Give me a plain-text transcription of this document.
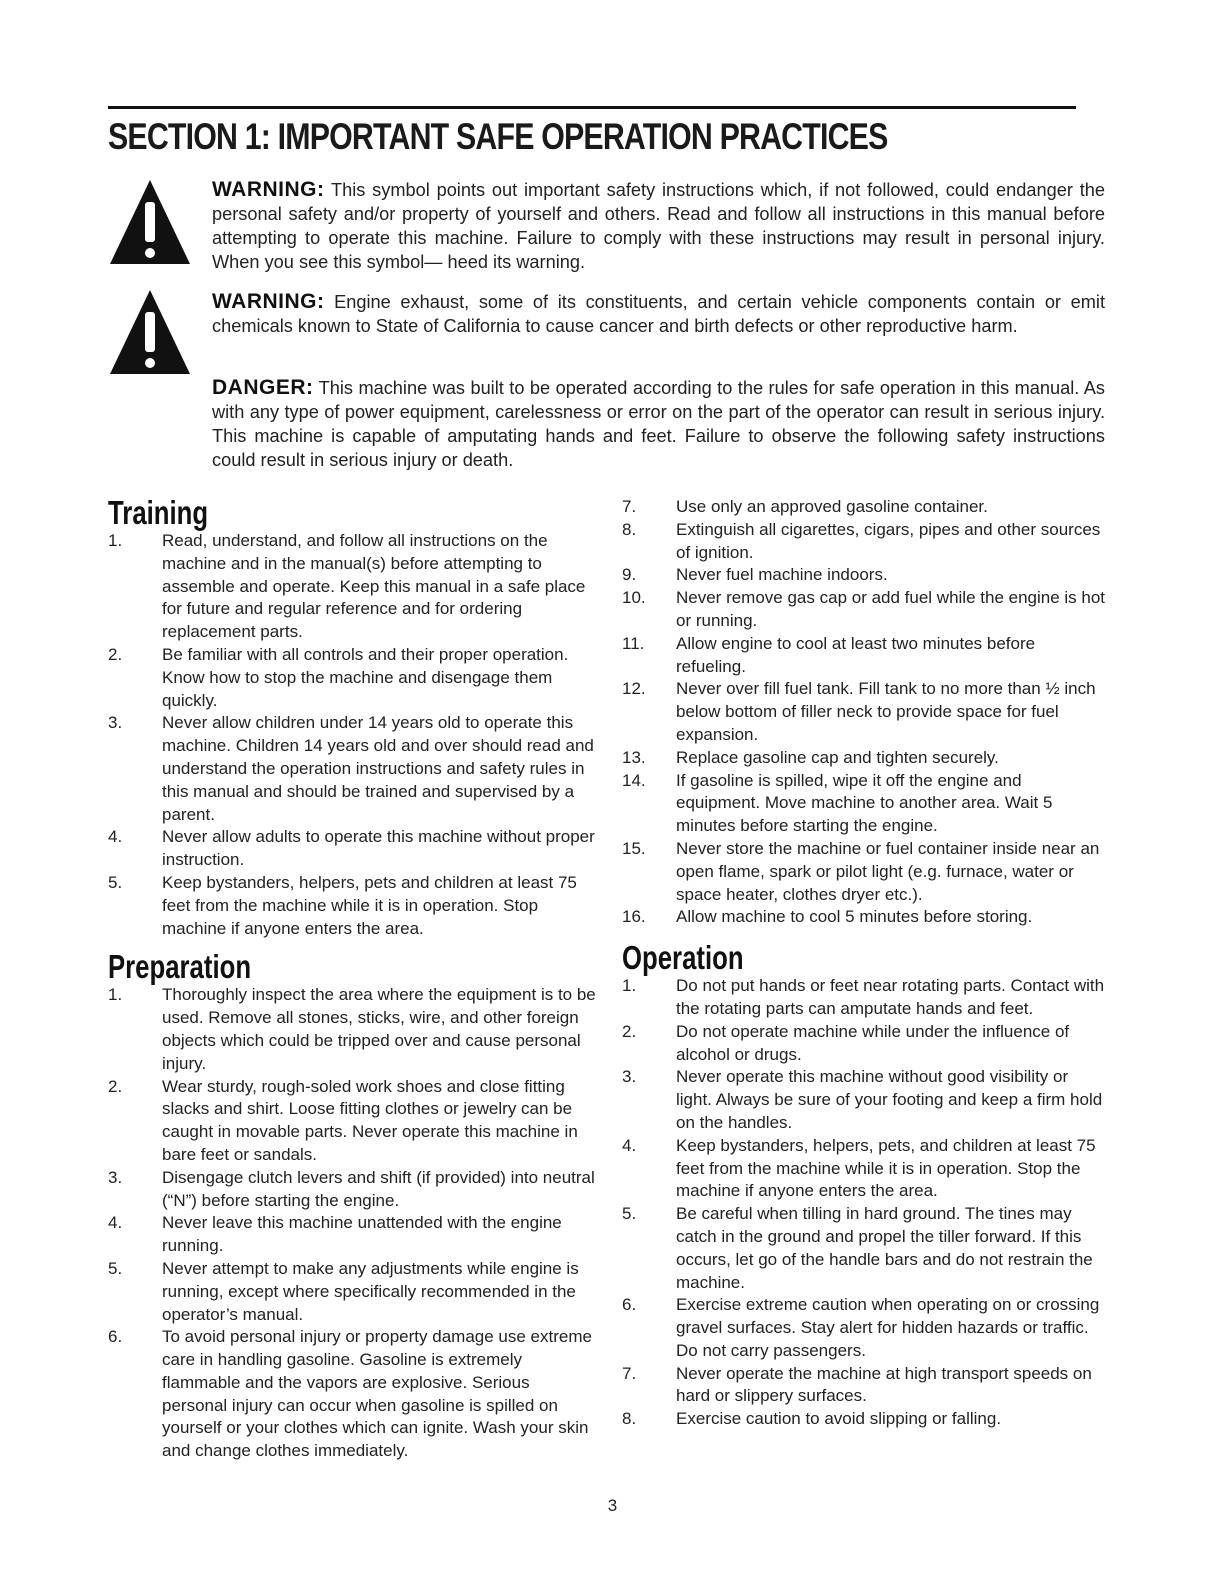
SECTION 1: IMPORTANT SAFE OPERATION PRACTICES
WARNING: This symbol points out important safety instructions which, if not followed, could endanger the personal safety and/or property of yourself and others. Read and follow all instructions in this manual before attempting to operate this machine. Failure to comply with these instructions may result in personal injury. When you see this symbol— heed its warning.
WARNING: Engine exhaust, some of its constituents, and certain vehicle components contain or emit chemicals known to State of California to cause cancer and birth defects or other reproductive harm.
DANGER: This machine was built to be operated according to the rules for safe operation in this manual. As with any type of power equipment, carelessness or error on the part of the operator can result in serious injury. This machine is capable of amputating hands and feet. Failure to observe the following safety instructions could result in serious injury or death.
Training
1.	Read, understand, and follow all instructions on the machine and in the manual(s) before attempting to assemble and operate. Keep this manual in a safe place for future and regular reference and for ordering replacement parts.
2.	Be familiar with all controls and their proper operation. Know how to stop the machine and disengage them quickly.
3.	Never allow children under 14 years old to operate this machine. Children 14 years old and over should read and understand the operation instructions and safety rules in this manual and should be trained and supervised by a parent.
4.	Never allow adults to operate this machine without proper instruction.
5.	Keep bystanders, helpers, pets and children at least 75 feet from the machine while it is in operation. Stop machine if anyone enters the area.
Preparation
1.	Thoroughly inspect the area where the equipment is to be used. Remove all stones, sticks, wire, and other foreign objects which could be tripped over and cause personal injury.
2.	Wear sturdy, rough-soled work shoes and close fitting slacks and shirt. Loose fitting clothes or jewelry can be caught in movable parts. Never operate this machine in bare feet or sandals.
3.	Disengage clutch levers and shift (if provided) into neutral (“N”) before starting the engine.
4.	Never leave this machine unattended with the engine running.
5.	Never attempt to make any adjustments while engine is running, except where specifically recommended in the operator’s manual.
6.	To avoid personal injury or property damage use extreme care in handling gasoline. Gasoline is extremely flammable and the vapors are explosive. Serious personal injury can occur when gasoline is spilled on yourself or your clothes which can ignite. Wash your skin and change clothes immediately.
7.	Use only an approved gasoline container.
8.	Extinguish all cigarettes, cigars, pipes and other sources of ignition.
9.	Never fuel machine indoors.
10.	Never remove gas cap or add fuel while the engine is hot or running.
11.	Allow engine to cool at least two minutes before refueling.
12.	Never over fill fuel tank. Fill tank to no more than ½ inch below bottom of filler neck to provide space for fuel expansion.
13.	Replace gasoline cap and tighten securely.
14.	If gasoline is spilled, wipe it off the engine and equipment. Move machine to another area. Wait 5 minutes before starting the engine.
15.	Never store the machine or fuel container inside near an open flame, spark or pilot light (e.g. furnace, water or space heater, clothes dryer etc.).
16.	Allow machine to cool 5 minutes before storing.
Operation
1.	Do not put hands or feet near rotating parts. Contact with the rotating parts can amputate hands and feet.
2.	Do not operate machine while under the influence of alcohol or drugs.
3.	Never operate this machine without good visibility or light. Always be sure of your footing and keep a firm hold on the handles.
4.	Keep bystanders, helpers, pets, and children at least 75 feet from the machine while it is in operation. Stop the machine if anyone enters the area.
5.	Be careful when tilling in hard ground. The tines may catch in the ground and propel the tiller forward. If this occurs, let go of the handle bars and do not restrain the machine.
6.	Exercise extreme caution when operating on or crossing gravel surfaces. Stay alert for hidden hazards or traffic. Do not carry passengers.
7.	Never operate the machine at high transport speeds on hard or slippery surfaces.
8.	Exercise caution to avoid slipping or falling.
3
